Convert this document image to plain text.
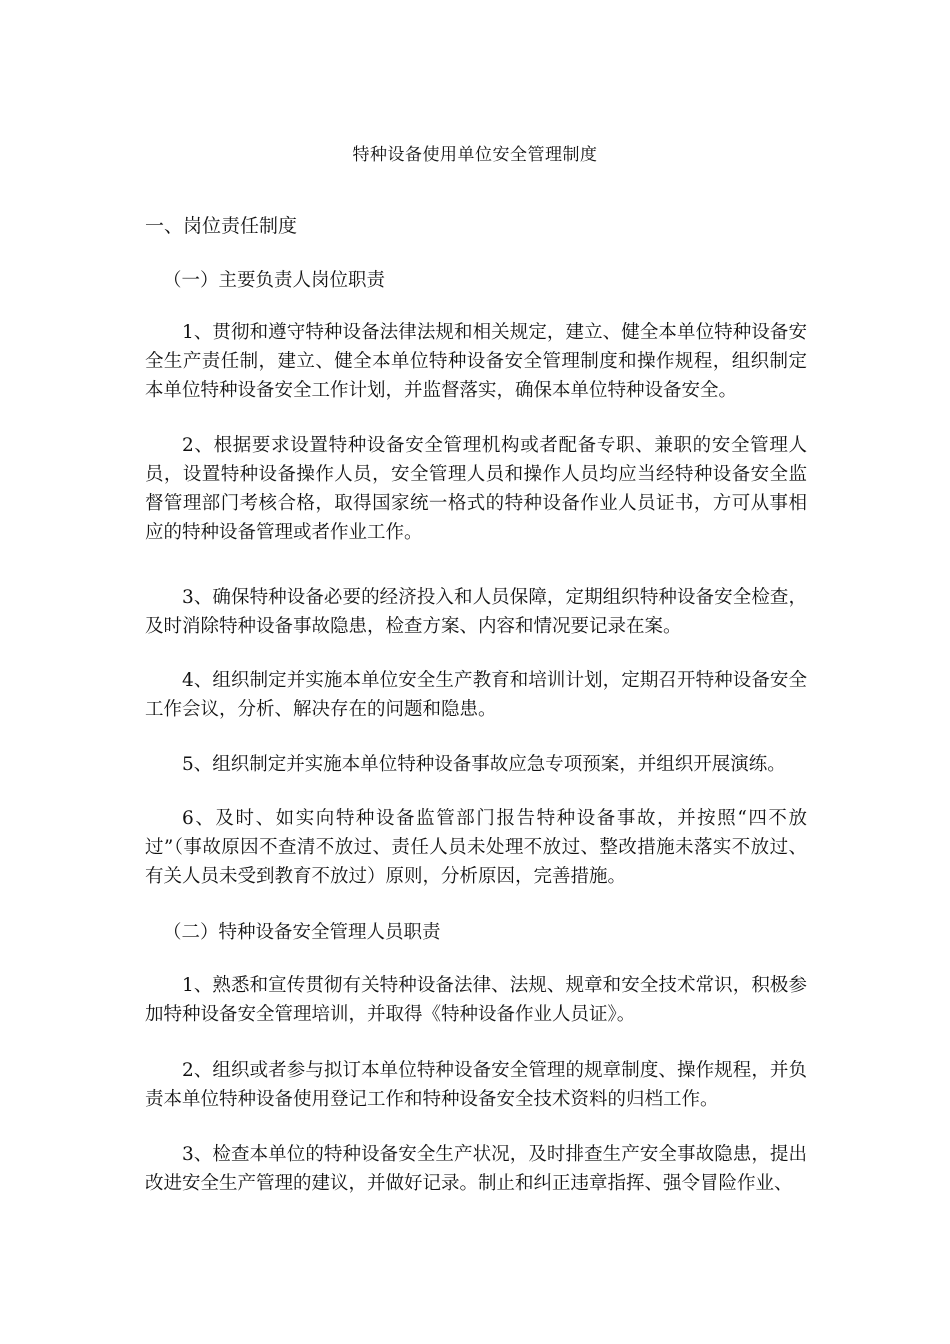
特种设备使用单位安全管理制度
一、岗位责任制度
（一）主要负责人岗位职责
1、贯彻和遵守特种设备法律法规和相关规定，建立、健全本单位特种设备安全生产责任制，建立、健全本单位特种设备安全管理制度和操作规程，组织制定本单位特种设备安全工作计划，并监督落实，确保本单位特种设备安全。
2、根据要求设置特种设备安全管理机构或者配备专职、兼职的安全管理人员，设置特种设备操作人员，安全管理人员和操作人员均应当经特种设备安全监督管理部门考核合格，取得国家统一格式的特种设备作业人员证书，方可从事相应的特种设备管理或者作业工作。
3、确保特种设备必要的经济投入和人员保障，定期组织特种设备安全检查，及时消除特种设备事故隐患，检查方案、内容和情况要记录在案。
4、组织制定并实施本单位安全生产教育和培训计划，定期召开特种设备安全工作会议，分析、解决存在的问题和隐患。
5、组织制定并实施本单位特种设备事故应急专项预案，并组织开展演练。
6、及时、如实向特种设备监管部门报告特种设备事故，并按照“四不放过”（事故原因不查清不放过、责任人员未处理不放过、整改措施未落实不放过、有关人员未受到教育不放过）原则，分析原因，完善措施。
（二）特种设备安全管理人员职责
1、熟悉和宣传贯彻有关特种设备法律、法规、规章和安全技术常识，积极参加特种设备安全管理培训，并取得《特种设备作业人员证》。
2、组织或者参与拟订本单位特种设备安全管理的规章制度、操作规程，并负责本单位特种设备使用登记工作和特种设备安全技术资料的归档工作。
3、检查本单位的特种设备安全生产状况，及时排查生产安全事故隐患，提出改进安全生产管理的建议，并做好记录。制止和纠正违章指挥、强令冒险作业、
